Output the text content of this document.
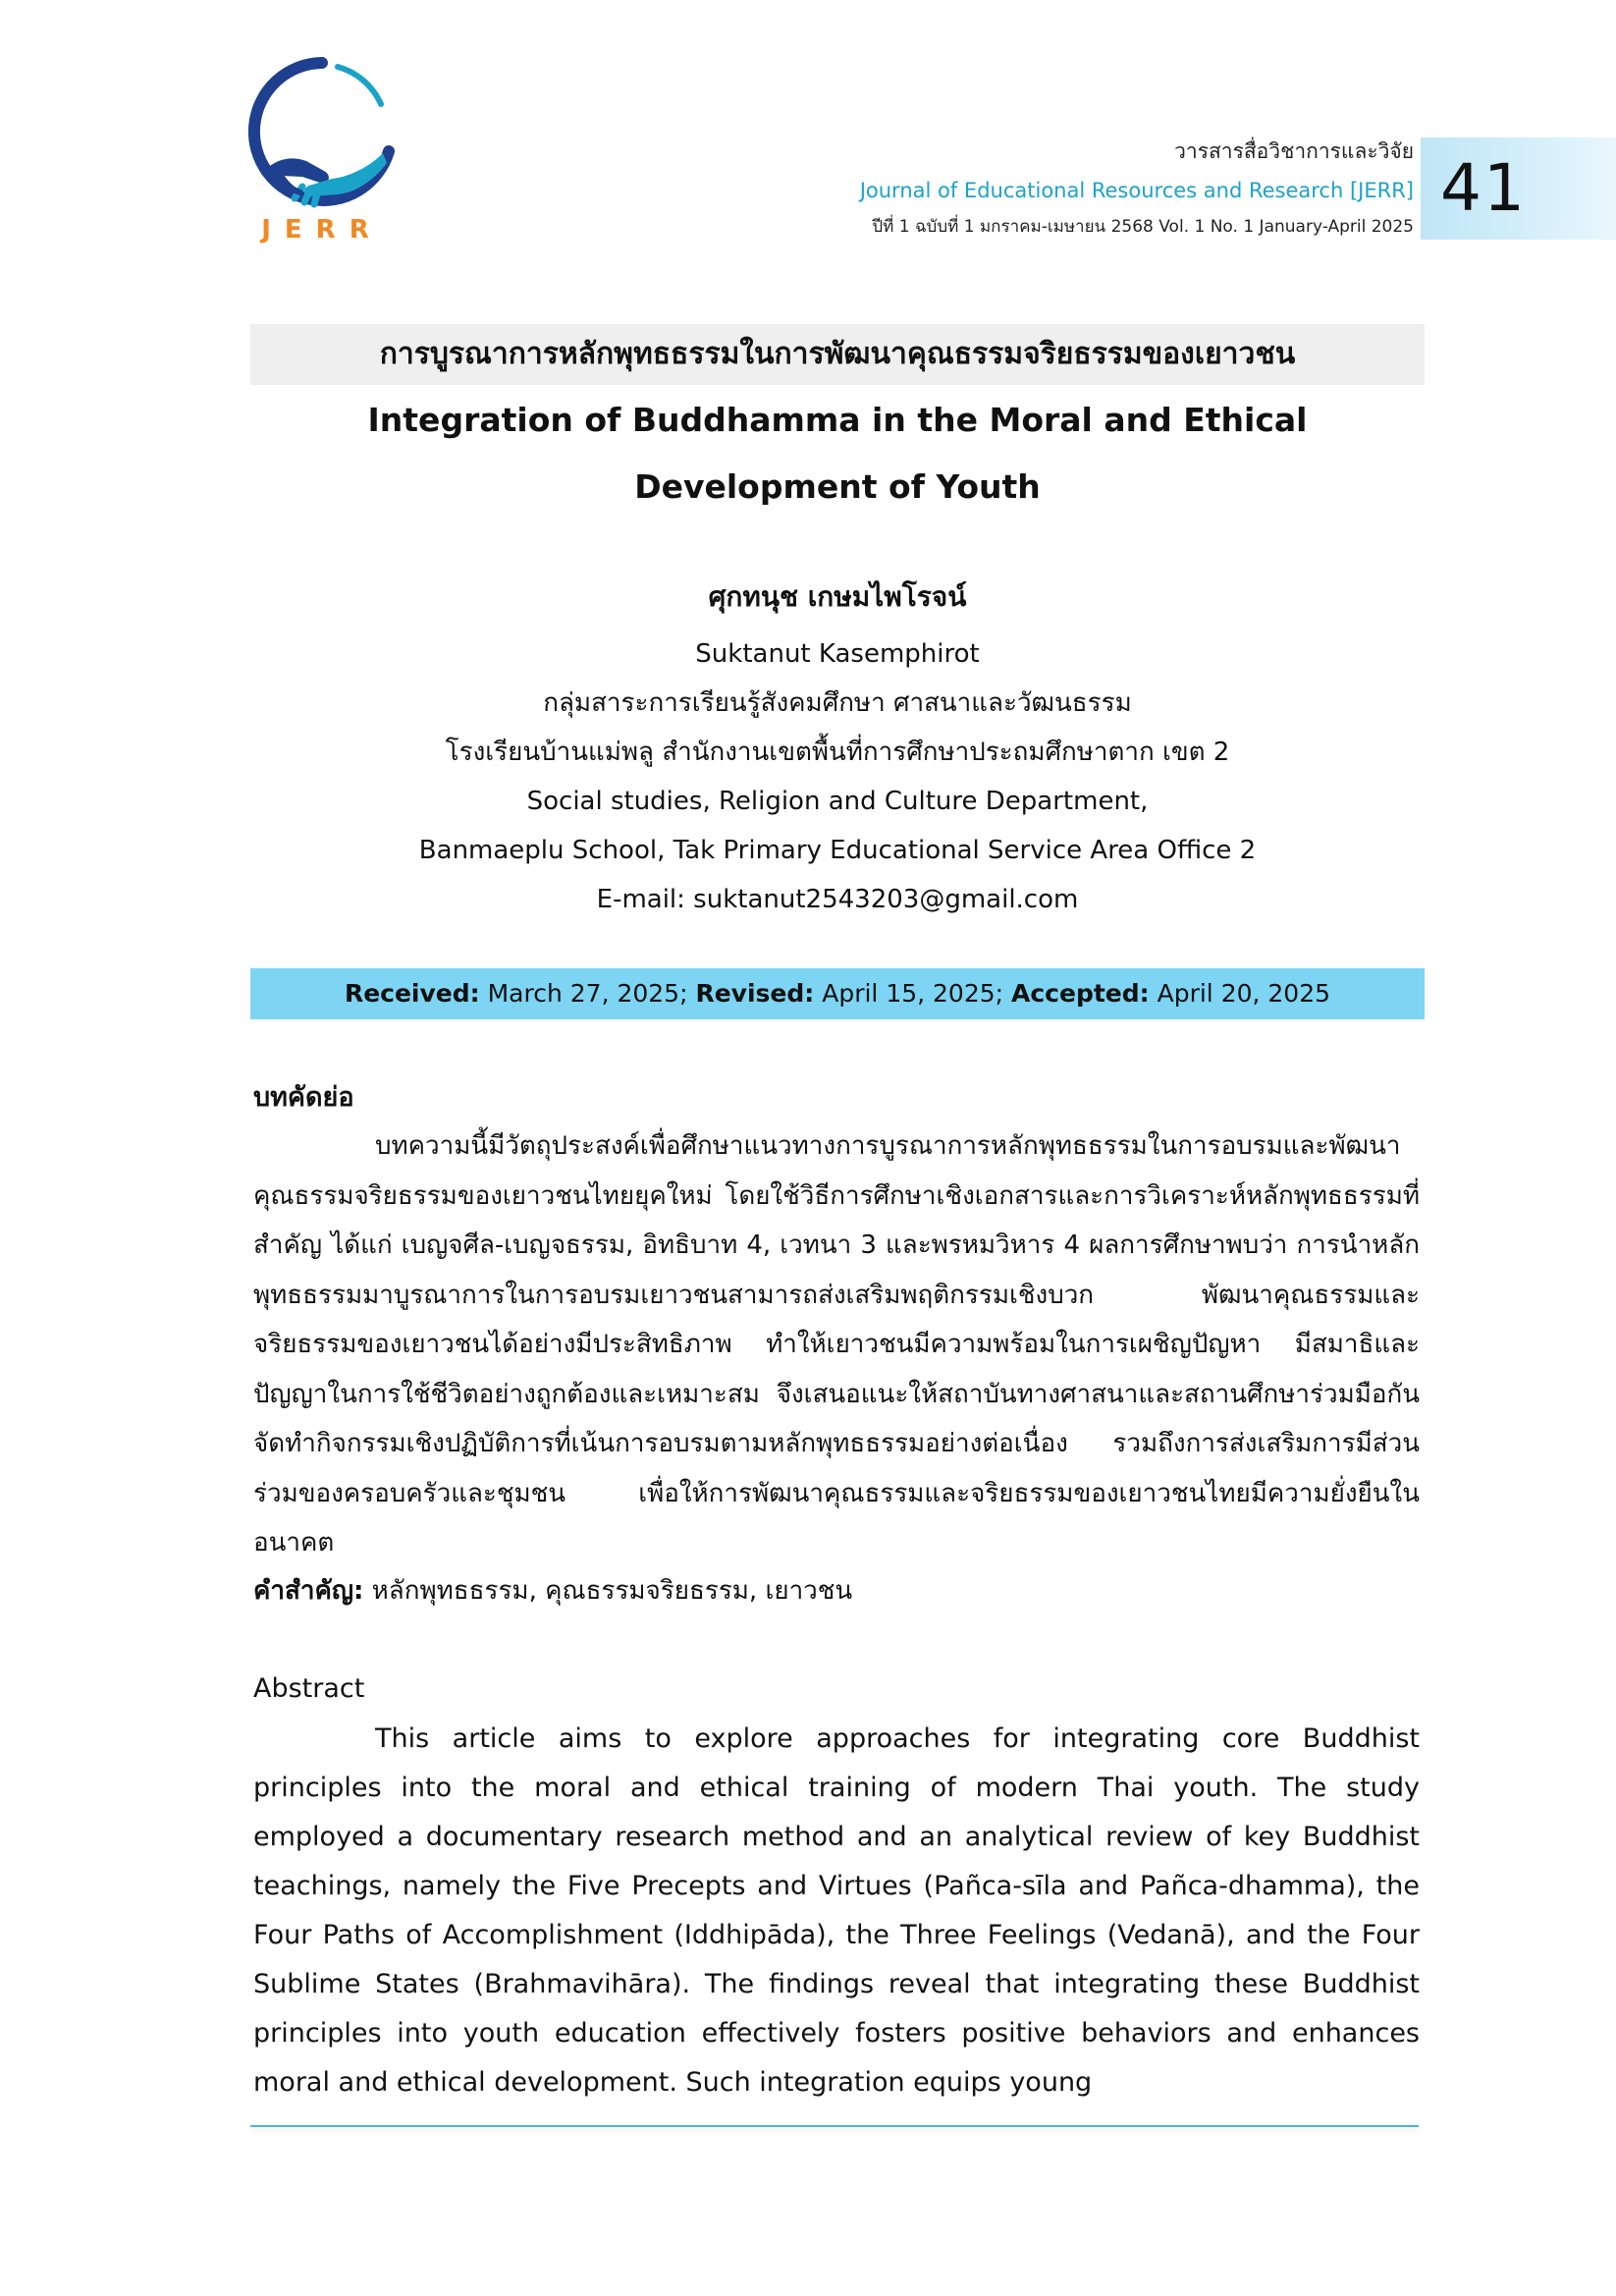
JERR
วารสารสื่อวิชาการและวิจัย
Journal of Educational Resources and Research [JERR]
ปีที่ 1 ฉบับที่ 1 มกราคม-เมษายน 2568 Vol. 1 No. 1 January-April 2025
41
การบูรณาการหลักพุทธธรรมในการพัฒนาคุณธรรมจริยธรรมของเยาวชน
Integration of Buddhamma in the Moral and Ethical
Development of Youth
ศุกทนุช เกษมไพโรจน์
Suktanut Kasemphirot
กลุ่มสาระการเรียนรู้สังคมศึกษา ศาสนาและวัฒนธรรม
โรงเรียนบ้านแม่พลู สำนักงานเขตพื้นที่การศึกษาประถมศึกษาตาก เขต 2
Social studies, Religion and Culture Department,
Banmaeplu School, Tak Primary Educational Service Area Office 2
E-mail: suktanut2543203@gmail.com
Received: March 27, 2025; Revised: April 15, 2025; Accepted: April 20, 2025
บทคัดย่อ
บทความนี้มีวัตถุประสงค์เพื่อศึกษาแนวทางการบูรณาการหลักพุทธธรรมในการอบรมและพัฒนาคุณธรรมจริยธรรมของเยาวชนไทยยุคใหม่ โดยใช้วิธีการศึกษาเชิงเอกสารและการวิเคราะห์หลักพุทธธรรมที่สำคัญ ได้แก่ เบญจศีล-เบญจธรรม, อิทธิบาท 4, เวทนา 3 และพรหมวิหาร 4 ผลการศึกษาพบว่า การนำหลักพุทธธรรมมาบูรณาการในการอบรมเยาวชนสามารถส่งเสริมพฤติกรรมเชิงบวก พัฒนาคุณธรรมและจริยธรรมของเยาวชนได้อย่างมีประสิทธิภาพ ทำให้เยาวชนมีความพร้อมในการเผชิญปัญหา มีสมาธิและปัญญาในการใช้ชีวิตอย่างถูกต้องและเหมาะสม จึงเสนอแนะให้สถาบันทางศาสนาและสถานศึกษาร่วมมือกันจัดทำกิจกรรมเชิงปฏิบัติการที่เน้นการอบรมตามหลักพุทธธรรมอย่างต่อเนื่อง รวมถึงการส่งเสริมการมีส่วนร่วมของครอบครัวและชุมชน เพื่อให้การพัฒนาคุณธรรมและจริยธรรมของเยาวชนไทยมีความยั่งยืนในอนาคต
คำสำคัญ: หลักพุทธธรรม, คุณธรรมจริยธรรม, เยาวชน
Abstract
This article aims to explore approaches for integrating core Buddhist principles into the moral and ethical training of modern Thai youth. The study employed a documentary research method and an analytical review of key Buddhist teachings, namely the Five Precepts and Virtues (Pañca-sīla and Pañca-dhamma), the Four Paths of Accomplishment (Iddhipāda), the Three Feelings (Vedanā), and the Four Sublime States (Brahmavihāra). The findings reveal that integrating these Buddhist principles into youth education effectively fosters positive behaviors and enhances moral and ethical development. Such integration equips young
